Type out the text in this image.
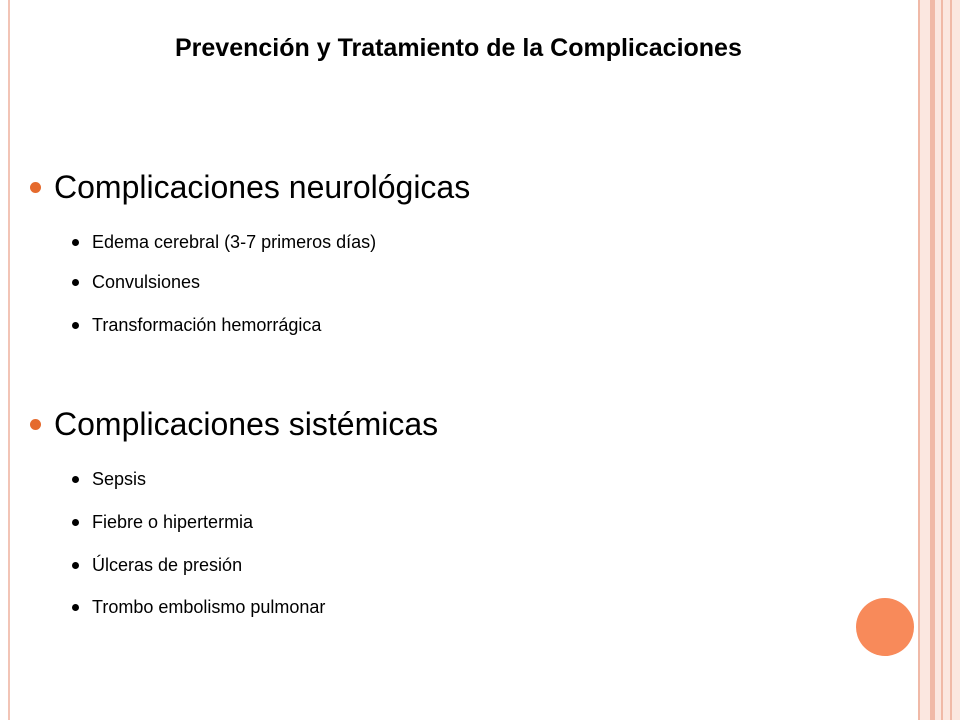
Prevención y Tratamiento de la Complicaciones
Complicaciones neurológicas
Edema cerebral (3-7 primeros días)
Convulsiones
Transformación hemorrágica
Complicaciones sistémicas
Sepsis
Fiebre o hipertermia
Úlceras de presión
Trombo embolismo pulmonar
